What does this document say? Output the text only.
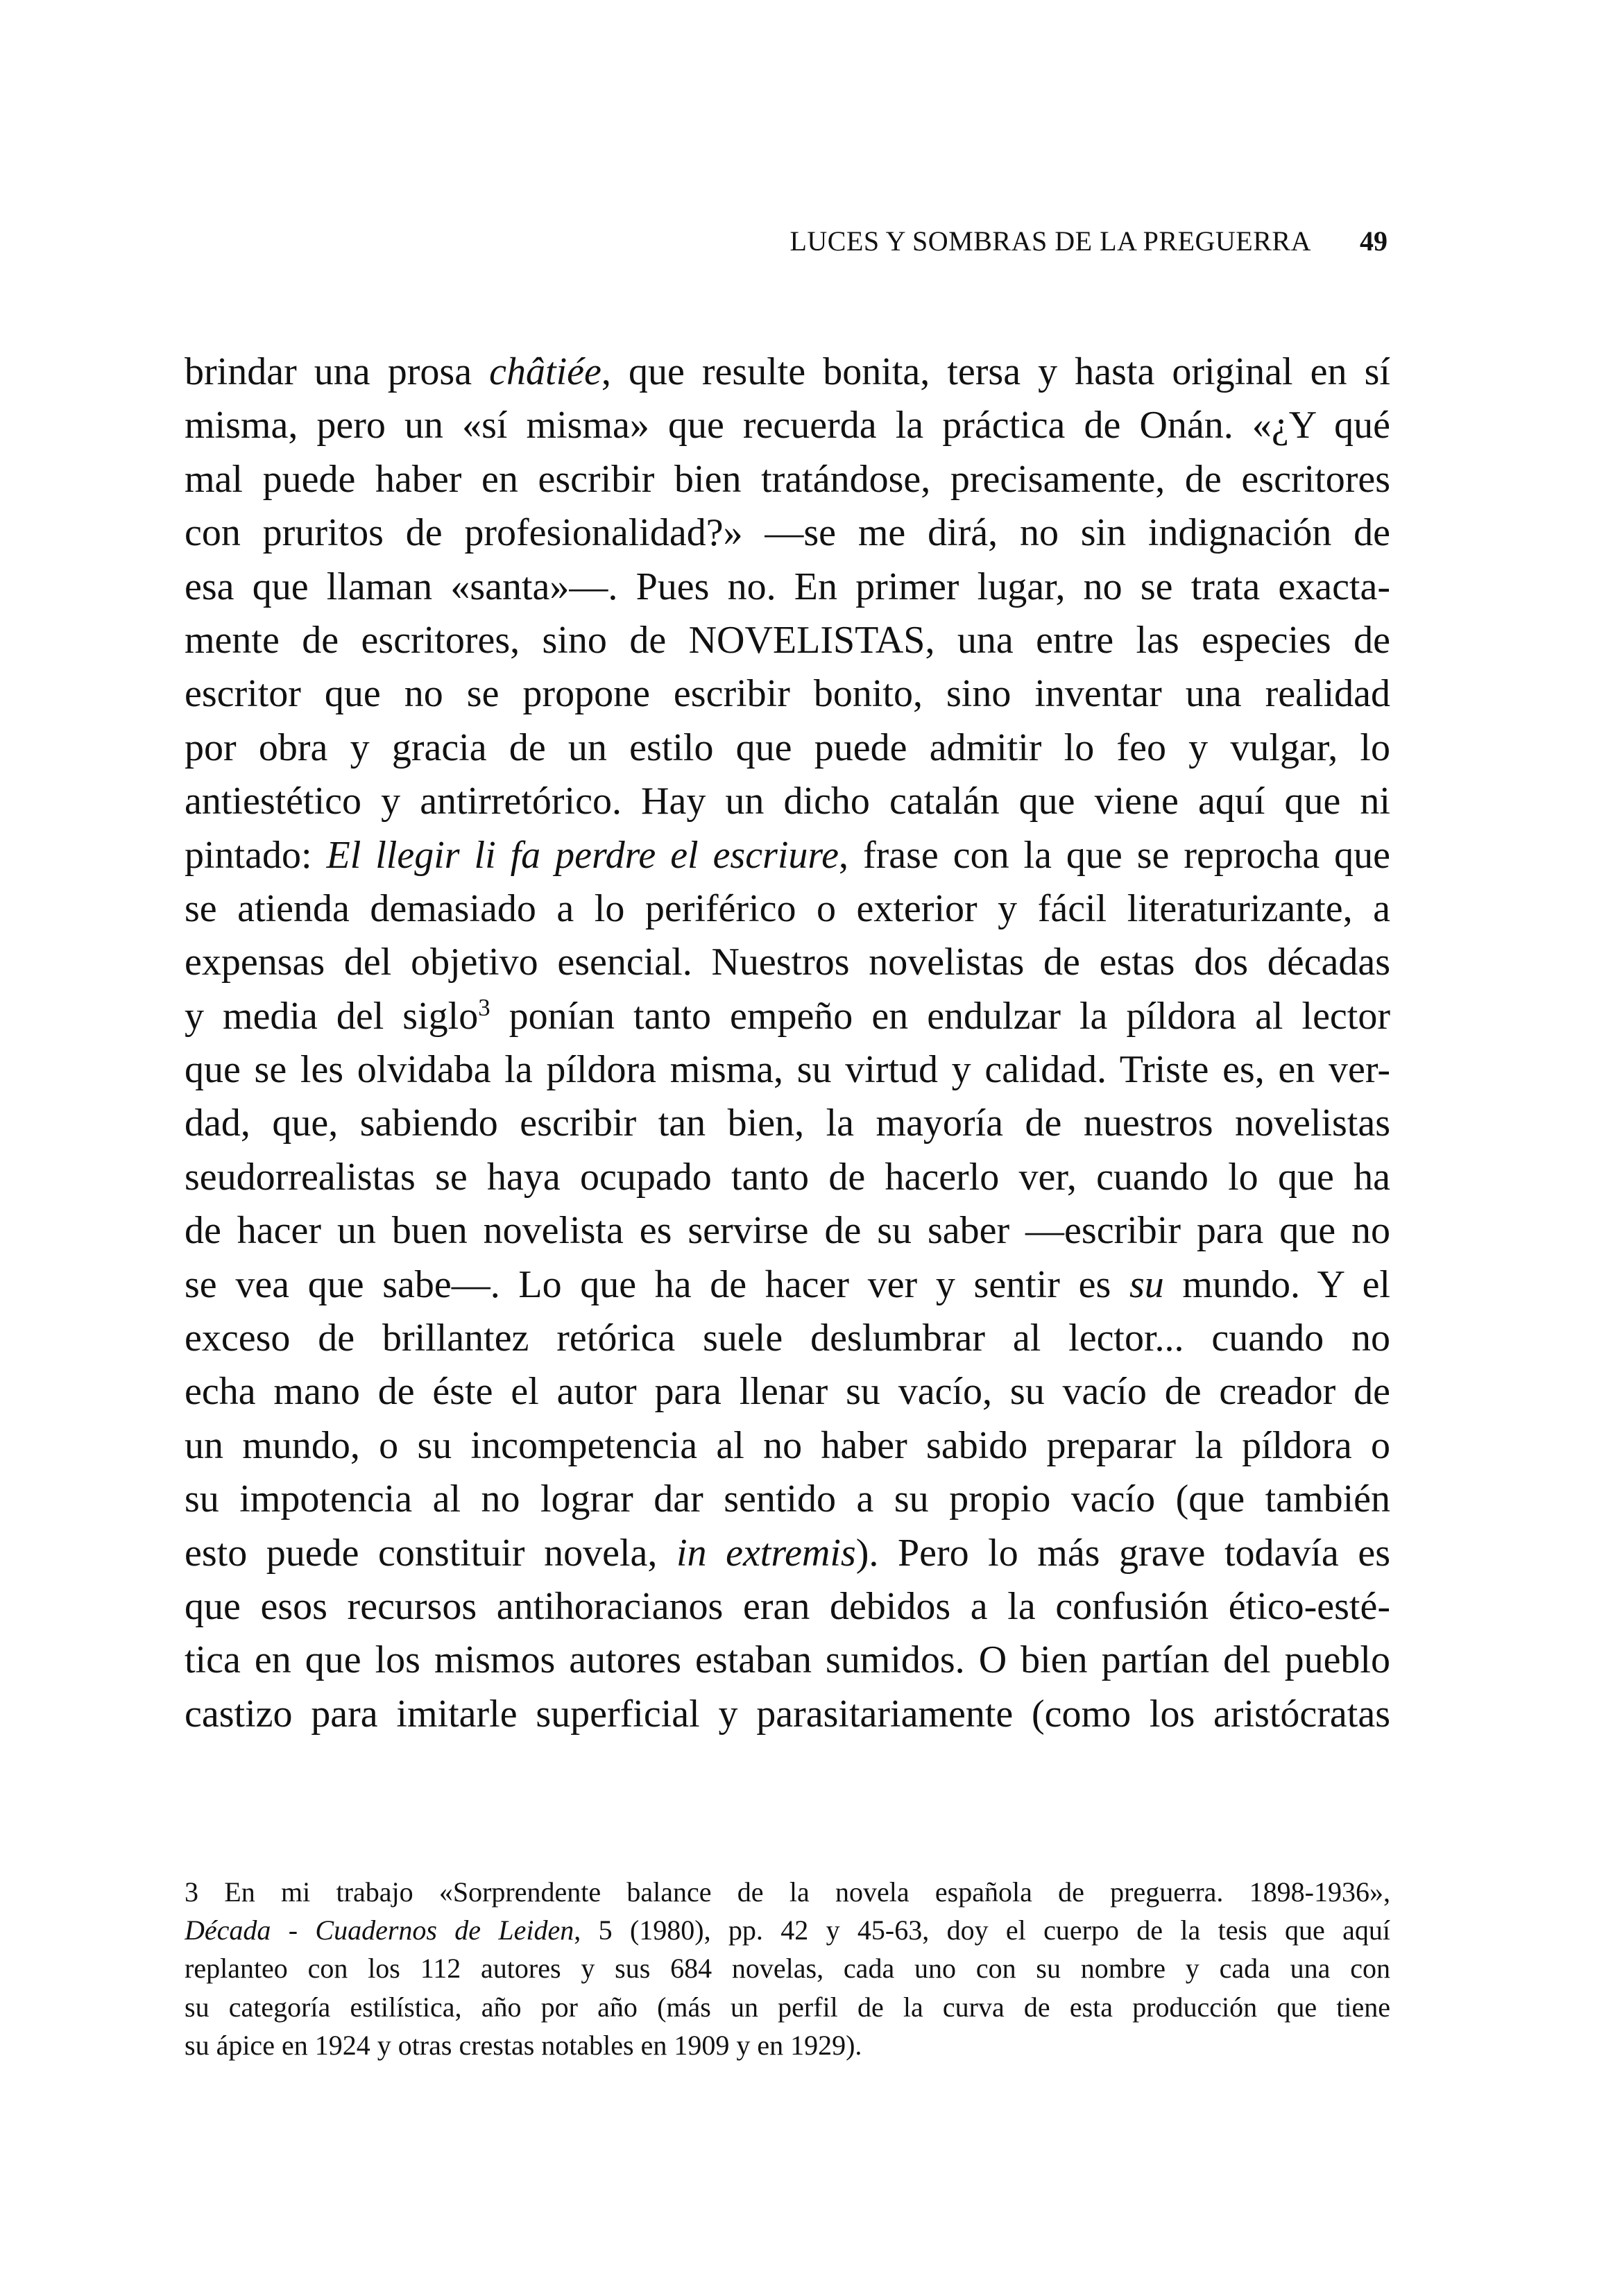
LUCES Y SOMBRAS DE LA PREGUERRA 49
brindar una prosa châtiée, que resulte bonita, tersa y hasta original en sí
misma, pero un «sí misma» que recuerda la práctica de Onán. «¿Y qué
mal puede haber en escribir bien tratándose, precisamente, de escritores
con pruritos de profesionalidad?» —se me dirá, no sin indignación de
esa que llaman «santa»—. Pues no. En primer lugar, no se trata exacta-
mente de escritores, sino de NOVELISTAS, una entre las especies de
escritor que no se propone escribir bonito, sino inventar una realidad
por obra y gracia de un estilo que puede admitir lo feo y vulgar, lo
antiestético y antirretórico. Hay un dicho catalán que viene aquí que ni
pintado: El llegir li fa perdre el escriure, frase con la que se reprocha que
se atienda demasiado a lo periférico o exterior y fácil literaturizante, a
expensas del objetivo esencial. Nuestros novelistas de estas dos décadas
y media del siglo$^3$ ponían tanto empeño en endulzar la píldora al lector
que se les olvidaba la píldora misma, su virtud y calidad. Triste es, en ver-
dad, que, sabiendo escribir tan bien, la mayoría de nuestros novelistas
seudorrealistas se haya ocupado tanto de hacerlo ver, cuando lo que ha
de hacer un buen novelista es servirse de su saber —escribir para que no
se vea que sabe—. Lo que ha de hacer ver y sentir es su mundo. Y el
exceso de brillantez retórica suele deslumbrar al lector... cuando no
echa mano de éste el autor para llenar su vacío, su vacío de creador de
un mundo, o su incompetencia al no haber sabido preparar la píldora o
su impotencia al no lograr dar sentido a su propio vacío (que también
esto puede constituir novela, in extremis). Pero lo más grave todavía es
que esos recursos antihoracianos eran debidos a la confusión ético-esté-
tica en que los mismos autores estaban sumidos. O bien partían del pueblo
castizo para imitarle superficial y parasitariamente (como los aristócratas
3 En mi trabajo «Sorprendente balance de la novela española de preguerra. 1898-1936»,
Década - Cuadernos de Leiden, 5 (1980), pp. 42 y 45-63, doy el cuerpo de la tesis que aquí
replanteo con los 112 autores y sus 684 novelas, cada uno con su nombre y cada una con
su categoría estilística, año por año (más un perfil de la curva de esta producción que tiene
su ápice en 1924 y otras crestas notables en 1909 y en 1929).
